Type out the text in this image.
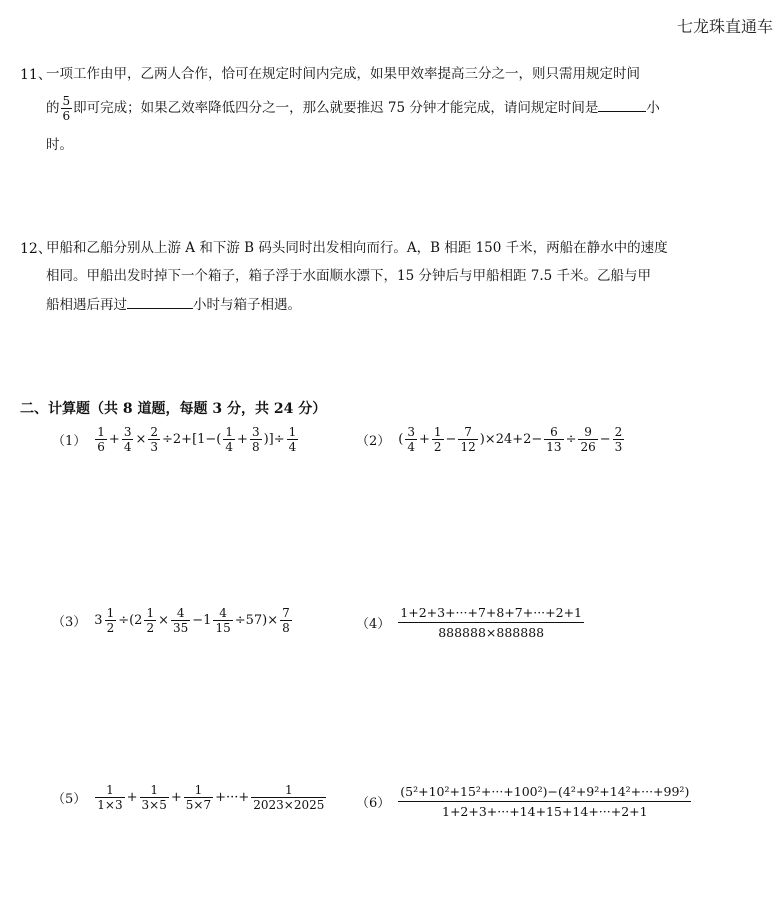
七龙珠直通车
11、
一项工作由甲，乙两人合作，恰可在规定时间内完成，如果甲效率提高三分之一，则只需用规定时间
的 $\frac{5}{6}$ 即可完成；如果乙效率降低四分之一，那么就要推迟 75 分钟才能完成，请问规定时间是	小
时。
12、
甲船和乙船分别从上游 A 和下游 B 码头同时出发相向而行。A，B 相距 150 千米，两船在静水中的速度
相同。甲船出发时掉下一个箱子，箱子浮于水面顺水漂下，15 分钟后与甲船相距 7.5 千米。乙船与甲
船相遇后再过	小时与箱子相遇。
二、计算题（共 8 道题，每题 3 分，共 24 分）
$(1) \frac{1}{6} + \frac{3}{4} \times \frac{2}{3} \div 2+[1-( \frac{1}{4} + \frac{3}{8}$ )]÷ $\frac{1}{4}$	（2） ( $\frac{3}{4} + \frac{1}{2} - \frac{7}{12} )\times 24+2- \frac{6}{13} \div \frac{9}{26} - \frac{2}{3}$
（3） $3 \frac{1}{2} \div(2 \frac{1}{2} \times \frac{4}{35} -1 \frac{4}{15} \div 57)\times \frac{7}{8}$	$(4) \frac{1+2+3+\cdot\cdot\cdot+7+8+7+\cdot\cdot\cdot+2+1}{888888\times 888888}$
$(5) \frac{1}{1\times 3} + \frac{1}{3\times 5} + \frac{1}{5\times 7}$ +···+ $\frac{1}{2023\times 2025} (6) \frac{\text{(5²+10²+15²+···+100²)−(4²+9²+14²+···+99²)}}{1+2+3+\cdot\cdot\cdot+14+15+14+\cdot\cdot\cdot+2+1}$
